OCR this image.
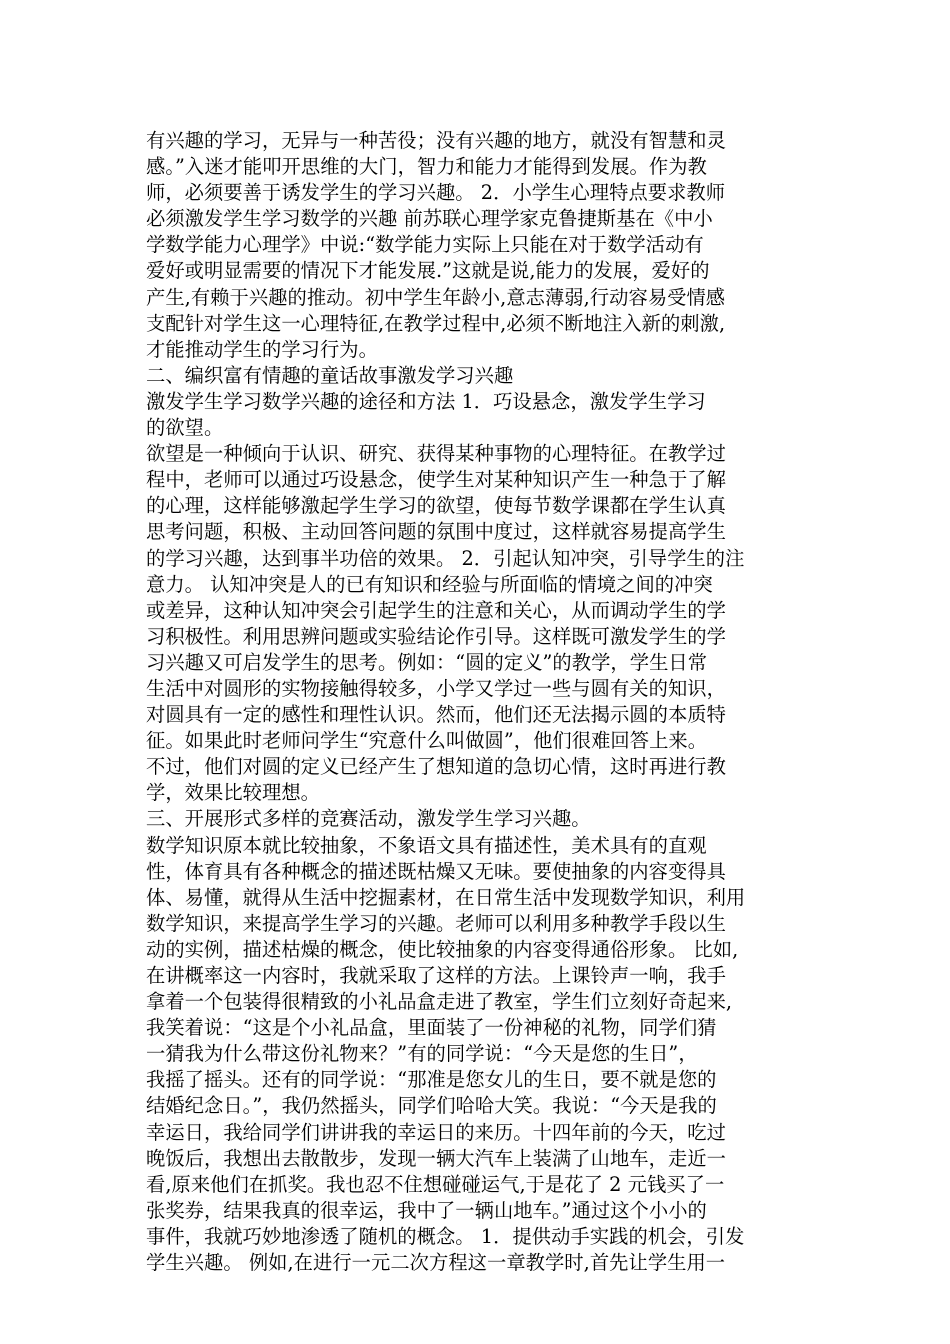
有兴趣的学习，无异与一种苦役；没有兴趣的地方，就没有智慧和灵
感。”入迷才能叩开思维的大门，智力和能力才能得到发展。作为教
师，必须要善于诱发学生的学习兴趣。 2．小学生心理特点要求教师
必须激发学生学习数学的兴趣 前苏联心理学家克鲁捷斯基在《中小
学数学能力心理学》中说:“数学能力实际上只能在对于数学活动有
爱好或明显需要的情况下才能发展.”这就是说,能力的发展，爱好的
产生,有赖于兴趣的推动。初中学生年龄小,意志薄弱,行动容易受情感
支配针对学生这一心理特征,在教学过程中,必须不断地注入新的刺激,
才能推动学生的学习行为。
二、编织富有情趣的童话故事激发学习兴趣
激发学生学习数学兴趣的途径和方法 1．巧设悬念，激发学生学习
的欲望。
欲望是一种倾向于认识、研究、获得某种事物的心理特征。在教学过
程中，老师可以通过巧设悬念，使学生对某种知识产生一种急于了解
的心理，这样能够激起学生学习的欲望，使每节数学课都在学生认真
思考问题，积极、主动回答问题的氛围中度过，这样就容易提高学生
的学习兴趣，达到事半功倍的效果。 2．引起认知冲突，引导学生的注
意力。 认知冲突是人的已有知识和经验与所面临的情境之间的冲突
或差异，这种认知冲突会引起学生的注意和关心，从而调动学生的学
习积极性。利用思辨问题或实验结论作引导。这样既可激发学生的学
习兴趣又可启发学生的思考。例如：“圆的定义”的教学，学生日常
生活中对圆形的实物接触得较多，小学又学过一些与圆有关的知识，
对圆具有一定的感性和理性认识。然而，他们还无法揭示圆的本质特
征。如果此时老师问学生“究意什么叫做圆”，他们很难回答上来。
不过，他们对圆的定义已经产生了想知道的急切心情，这时再进行教
学，效果比较理想。
三、开展形式多样的竞赛活动，激发学生学习兴趣。
数学知识原本就比较抽象，不象语文具有描述性，美术具有的直观
性，体育具有各种概念的描述既枯燥又无味。要使抽象的内容变得具
体、易懂，就得从生活中挖掘素材，在日常生活中发现数学知识，利用
数学知识，来提高学生学习的兴趣。老师可以利用多种教学手段以生
动的实例，描述枯燥的概念，使比较抽象的内容变得通俗形象。 比如,
在讲概率这一内容时，我就采取了这样的方法。上课铃声一响，我手
拿着一个包装得很精致的小礼品盒走进了教室，学生们立刻好奇起来,
我笑着说：“这是个小礼品盒，里面装了一份神秘的礼物，同学们猜
一猜我为什么带这份礼物来？”有的同学说：“今天是您的生日”，
我摇了摇头。还有的同学说：“那准是您女儿的生日，要不就是您的
结婚纪念日。”，我仍然摇头，同学们哈哈大笑。我说：“今天是我的
幸运日，我给同学们讲讲我的幸运日的来历。十四年前的今天，吃过
晚饭后，我想出去散散步，发现一辆大汽车上装满了山地车，走近一
看,原来他们在抓奖。我也忍不住想碰碰运气,于是花了 2 元钱买了一
张奖券，结果我真的很幸运，我中了一辆山地车。”通过这个小小的
事件，我就巧妙地渗透了随机的概念。 1．提供动手实践的机会，引发
学生兴趣。 例如,在进行一元二次方程这一章教学时,首先让学生用一
